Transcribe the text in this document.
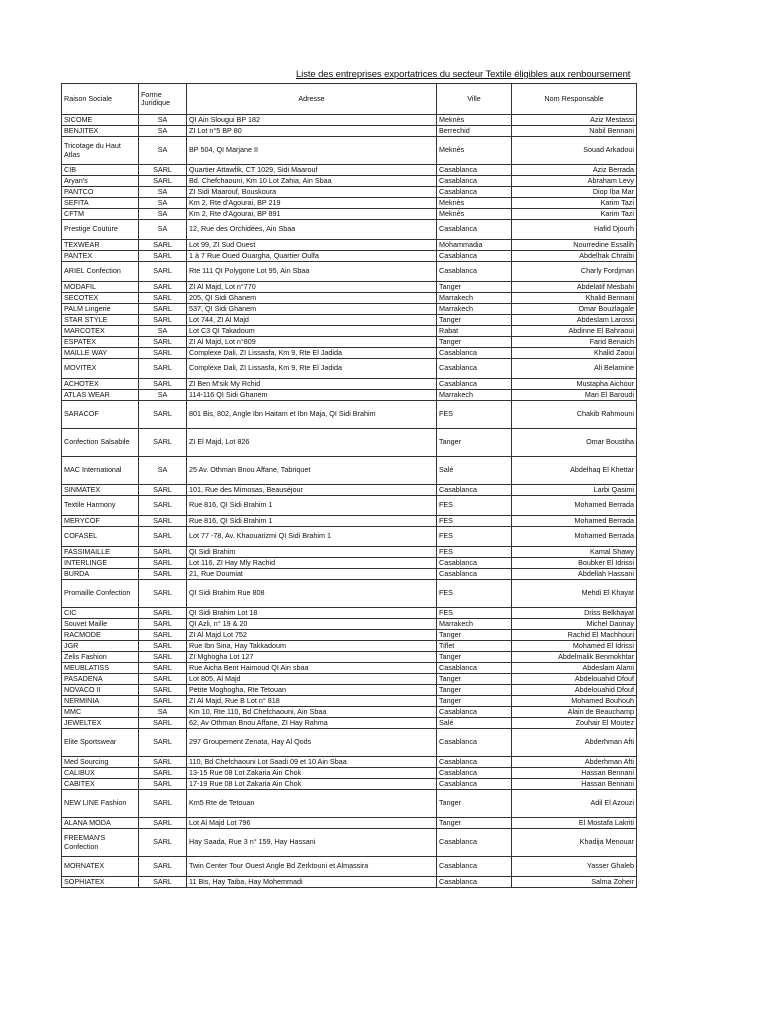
Liste des entreprises exportatrices du secteur Textile éligibles aux renboursement
Raison Sociale	Forme Juridique	Adresse	Ville	Nom Responsable
SICOME	SA	QI Ain Slougui BP 182	Meknès	Aziz Mestassi
BENJITEX	SA	ZI Lot n°5 BP 80	Berrechid	Nabil Bennani
Tricotage du Haut Atlas	SA	BP 504, QI Marjane II	Meknès	Souad Arkadoui
CIB	SARL	Quartier Attawfik, CT 1029, Sidi Maarouf	Casablanca	Aziz Berrada
Aryan's	SARL	Bd. Chefchaouni, Km 10 Lot Zahia, Ain Sbaa	Casablanca	Abraham Levy
PANTCO	SA	ZI Sidi Maarouf, Bouskoura	Casablanca	Diop Iba Mar
SEFITA	SA	Km 2, Rte d'Agourai, BP 219	Meknès	Karim Tazi
CFTM	SA	Km 2, Rte d'Agourai, BP 891	Meknès	Karim Tazi
Prestige Couture	SA	12, Rue des Orchidées, Ain Sbaa	Casablanca	Hafid Djourh
TEXWEAR	SARL	Lot 99, ZI Sud Ouest	Mohammadia	Nourredine Essalih
PANTEX	SARL	1 à 7 Rue Oued Ouargha, Quartier Oulfa	Casablanca	Abdelhak Chraibi
ARIEL Confection	SARL	Rte 111 QI Polygone Lot 95, Ain Sbaa	Casablanca	Charly Fordjman
MODAFIL	SARL	ZI Al Majd, Lot n°770	Tanger	Abdelatif Mesbahi
SECOTEX	SARL	205, QI Sidi Ghanem	Marrakech	Khalid Bennani
PALM Lingerie	SARL	537, QI Sidi Ghanem	Marrakech	Omar Bouzlagale
STAR STYLE	SARL	Lot 744, ZI Al Majd	Tanger	Abdeslam Larossi
MARCOTEX	SA	Lot C3 QI Takadoum	Rabat	Abdinne El Bahraoui
ESPATEX	SARL	ZI Al Majd, Lot n°809	Tanger	Farid Benaich
MAILLE WAY	SARL	Complexe Dali, ZI Lissasfa, Km 9, Rte El Jadida	Casablanca	Khalid Zaoui
MOVITEX	SARL	Complexe Dali, ZI Lissasfa, Km 9, Rte El Jadida	Casablanca	Ali Belamine
ACHOTEX	SARL	ZI Ben M'sik My Rchid	Casablanca	Mustapha Aichour
ATLAS WEAR	SA	114-116 QI Sidi Ghanem	Marrakech	Mari El Baroudi
SARACOF	SARL	801 Bis, 802, Angle Ibn Haitam et Ibn Maja, QI Sidi Brahim	FES	Chakib Rahmouni
Confection Salsabile	SARL	ZI El Majd, Lot 826	Tanger	Omar Boustiha
MAC International	SA	25 Av. Othman Bnou Affane, Tabriquet	Salé	Abdelhaq El Khettar
SINMATEX	SARL	101, Rue des Mimosas, Beauséjour	Casablanca	Larbi Qasimi
Textile Harmony	SARL	Rue 816, QI Sidi Brahim 1	FES	Mohamed Berrada
MERYCOF	SARL	Rue 816, QI Sidi Brahim 1	FES	Mohamed Berrada
COFASEL	SARL	Lot 77 -78, Av. Khaouarizmi QI Sidi Brahim 1	FES	Mohamed Berrada
FASSIMAILLE	SARL	QI Sidi Brahim	FES	Kamal Shawy
INTERLINGE	SARL	Lot 116, ZI Hay Mly Rachid	Casablanca	Boubker El Idrissi
BURDA	SARL	21, Rue Doumiat	Casablanca	Abdellah Hassani
Promaille Confection	SARL	QI Sidi Brahim Rue 808	FES	Mehdi El Khayat
CIC	SARL	QI Sidi Brahim Lot 18	FES	Driss Belkhayat
Souvet Maille	SARL	QI Azli, n° 19 & 20	Marrakech	Michel Dannay
RACMODE	SARL	ZI Al Majd Lot 752	Tanger	Rachid El Machhouri
JGR	SARL	Rue Ibn Sina, Hay Takkadoum	Tiflet	Mohamed El Idrissi
Zelis Fashion	SARL	ZI Mghogha Lot 127	Tanger	Abdelmalik Benmokhtar
MEUBLATISS	SARL	Rue Aicha Bent Haimoud QI Ain sbaa	Casablanca	Abdeslam Alami
PASADENA	SARL	Lot 805, Al Majd	Tanger	Abdelouahid Dfouf
NOVACO II	SARL	Petite Moghogha, Rte Tetouan	Tanger	Abdelouahid Dfouf
NERMINIA	SARL	ZI Al Majd, Rue B Lot n° 818	Tanger	Mohamed Bouhouh
MMC	SA	Km 10, Rte 110, Bd Chefchaouni, Ain Sbaa	Casablanca	Alain de Beauchamp
JEWELTEX	SARL	62, Av Othman Bnou Affane, ZI Hay Rahma	Salé	Zouhair El Moutez
Elite Sportswear	SARL	297 Groupement Zenata, Hay Al Qods	Casablanca	Abderhman Afti
Med Sourcing	SARL	110, Bd Chefchaouni Lot Saadi 09 et 10 Ain Sbaa	Casablanca	Abderhman Afti
CALIBUX	SARL	13-15 Rue 08 Lot Zakaria Ain Chok	Casablanca	Hassan Bennani
CABITEX	SARL	17-19 Rue 08 Lot Zakaria Ain Chok	Casablanca	Hassan Bennani
NEW LINE Fashion	SARL	Km5 Rte de Tetouan	Tanger	Adil El Azouzi
ALANA MODA	SARL	Lot Al Majd Lot 796	Tanger	El Mostafa Lakriti
FREEMAN'S Confection	SARL	Hay Saada, Rue 3 n° 159, Hay Hassani	Casablanca	Khadija Menouar
MORNATEX	SARL	Twin Center Tour Ouest Angle Bd Zerktouni et Almassira	Casablanca	Yasser Ghaleb
SOPHIATEX	SARL	11 Bis, Hay Taiba, Hay Mohemmadi	Casablanca	Salma Zoheir
